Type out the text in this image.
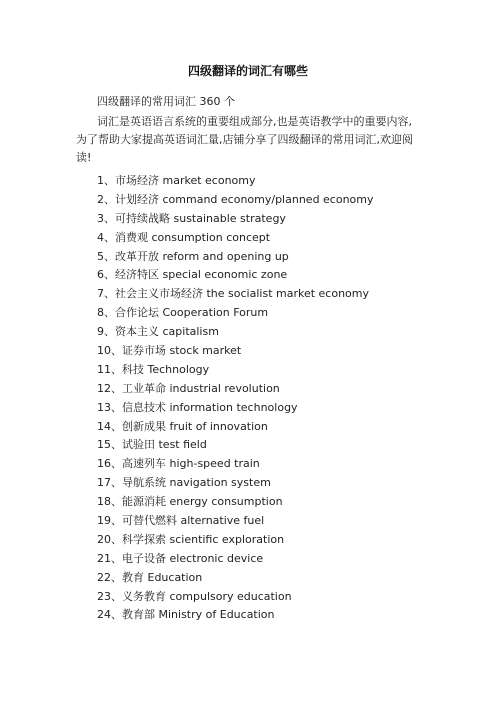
四级翻译的词汇有哪些
四级翻译的常用词汇 360 个

词汇是英语语言系统的重要组成部分,也是英语教学中的重要内容,为了帮助大家提高英语词汇量,店铺分享了四级翻译的常用词汇,欢迎阅读!

1、市场经济 market economy
2、计划经济 command economy/planned economy
3、可持续战略 sustainable strategy
4、消费观 consumption concept
5、改革开放 reform and opening up
6、经济特区 special economic zone
7、社会主义市场经济 the socialist market economy
8、合作论坛 Cooperation Forum
9、资本主义 capitalism
10、证券市场 stock market
11、科技 Technology
12、工业革命 industrial revolution
13、信息技术 information technology
14、创新成果 fruit of innovation
15、试验田 test field
16、高速列车 high-speed train
17、导航系统 navigation system
18、能源消耗 energy consumption
19、可替代燃料 alternative fuel
20、科学探索 scientific exploration
21、电子设备 electronic device
22、教育 Education
23、义务教育 compulsory education
24、教育部 Ministry of Education
